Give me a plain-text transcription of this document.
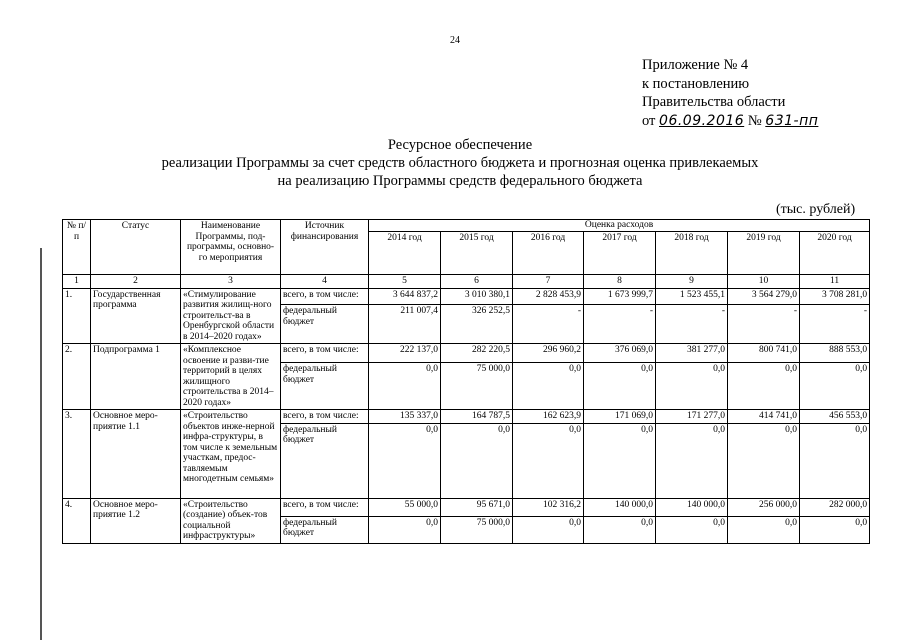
24
Приложение № 4
к постановлению
Правительства области
от 06.09.2016 № 631-пп
Ресурсное обеспечение
реализации Программы за счет средств областного бюджета и прогнозная оценка привлекаемых
на реализацию Программы средств федерального бюджета
(тыс. рублей)
№ п/п	Статус	Наименование Программы, под-программы, основно-го мероприятия	Источник финансирования	Оценка расходов						
				2014 год	2015 год	2016 год	2017 год	2018 год	2019 год	2020 год
1	2	3	4	5	6	7	8	9	10	11
1.	Государственная программа	«Стимулирование развития жилищ-ного строительст-ва в Оренбургской области в 2014–2020 годах»	всего, в том числе:	3 644 837,2	3 010 380,1	2 828 453,9	1 673 999,7	1 523 455,1	3 564 279,0	3 708 281,0
			федеральный бюджет	211 007,4	326 252,5	-	-	-	-	-
2.	Подпрограмма 1	«Комплексное освоение и разви-тие территорий в целях жилищного строительства в 2014–2020 годах»	всего, в том числе:	222 137,0	282 220,5	296 960,2	376 069,0	381 277,0	800 741,0	888 553,0
			федеральный бюджет	0,0	75 000,0	0,0	0,0	0,0	0,0	0,0
3.	Основное меро-приятие 1.1	«Строительство объектов инже-нерной инфра-структуры, в том числе к земельным участкам, предос-тавляемым многодетным семьям»	всего, в том числе:	135 337,0	164 787,5	162 623,9	171 069,0	171 277,0	414 741,0	456 553,0
			федеральный бюджет	0,0	0,0	0,0	0,0	0,0	0,0	0,0
4.	Основное меро-приятие 1.2	«Строительство (создание) объек-тов социальной инфраструктуры»	всего, в том числе:	55 000,0	95 671,0	102 316,2	140 000,0	140 000,0	256 000,0	282 000,0
			федеральный бюджет	0,0	75 000,0	0,0	0,0	0,0	0,0	0,0
